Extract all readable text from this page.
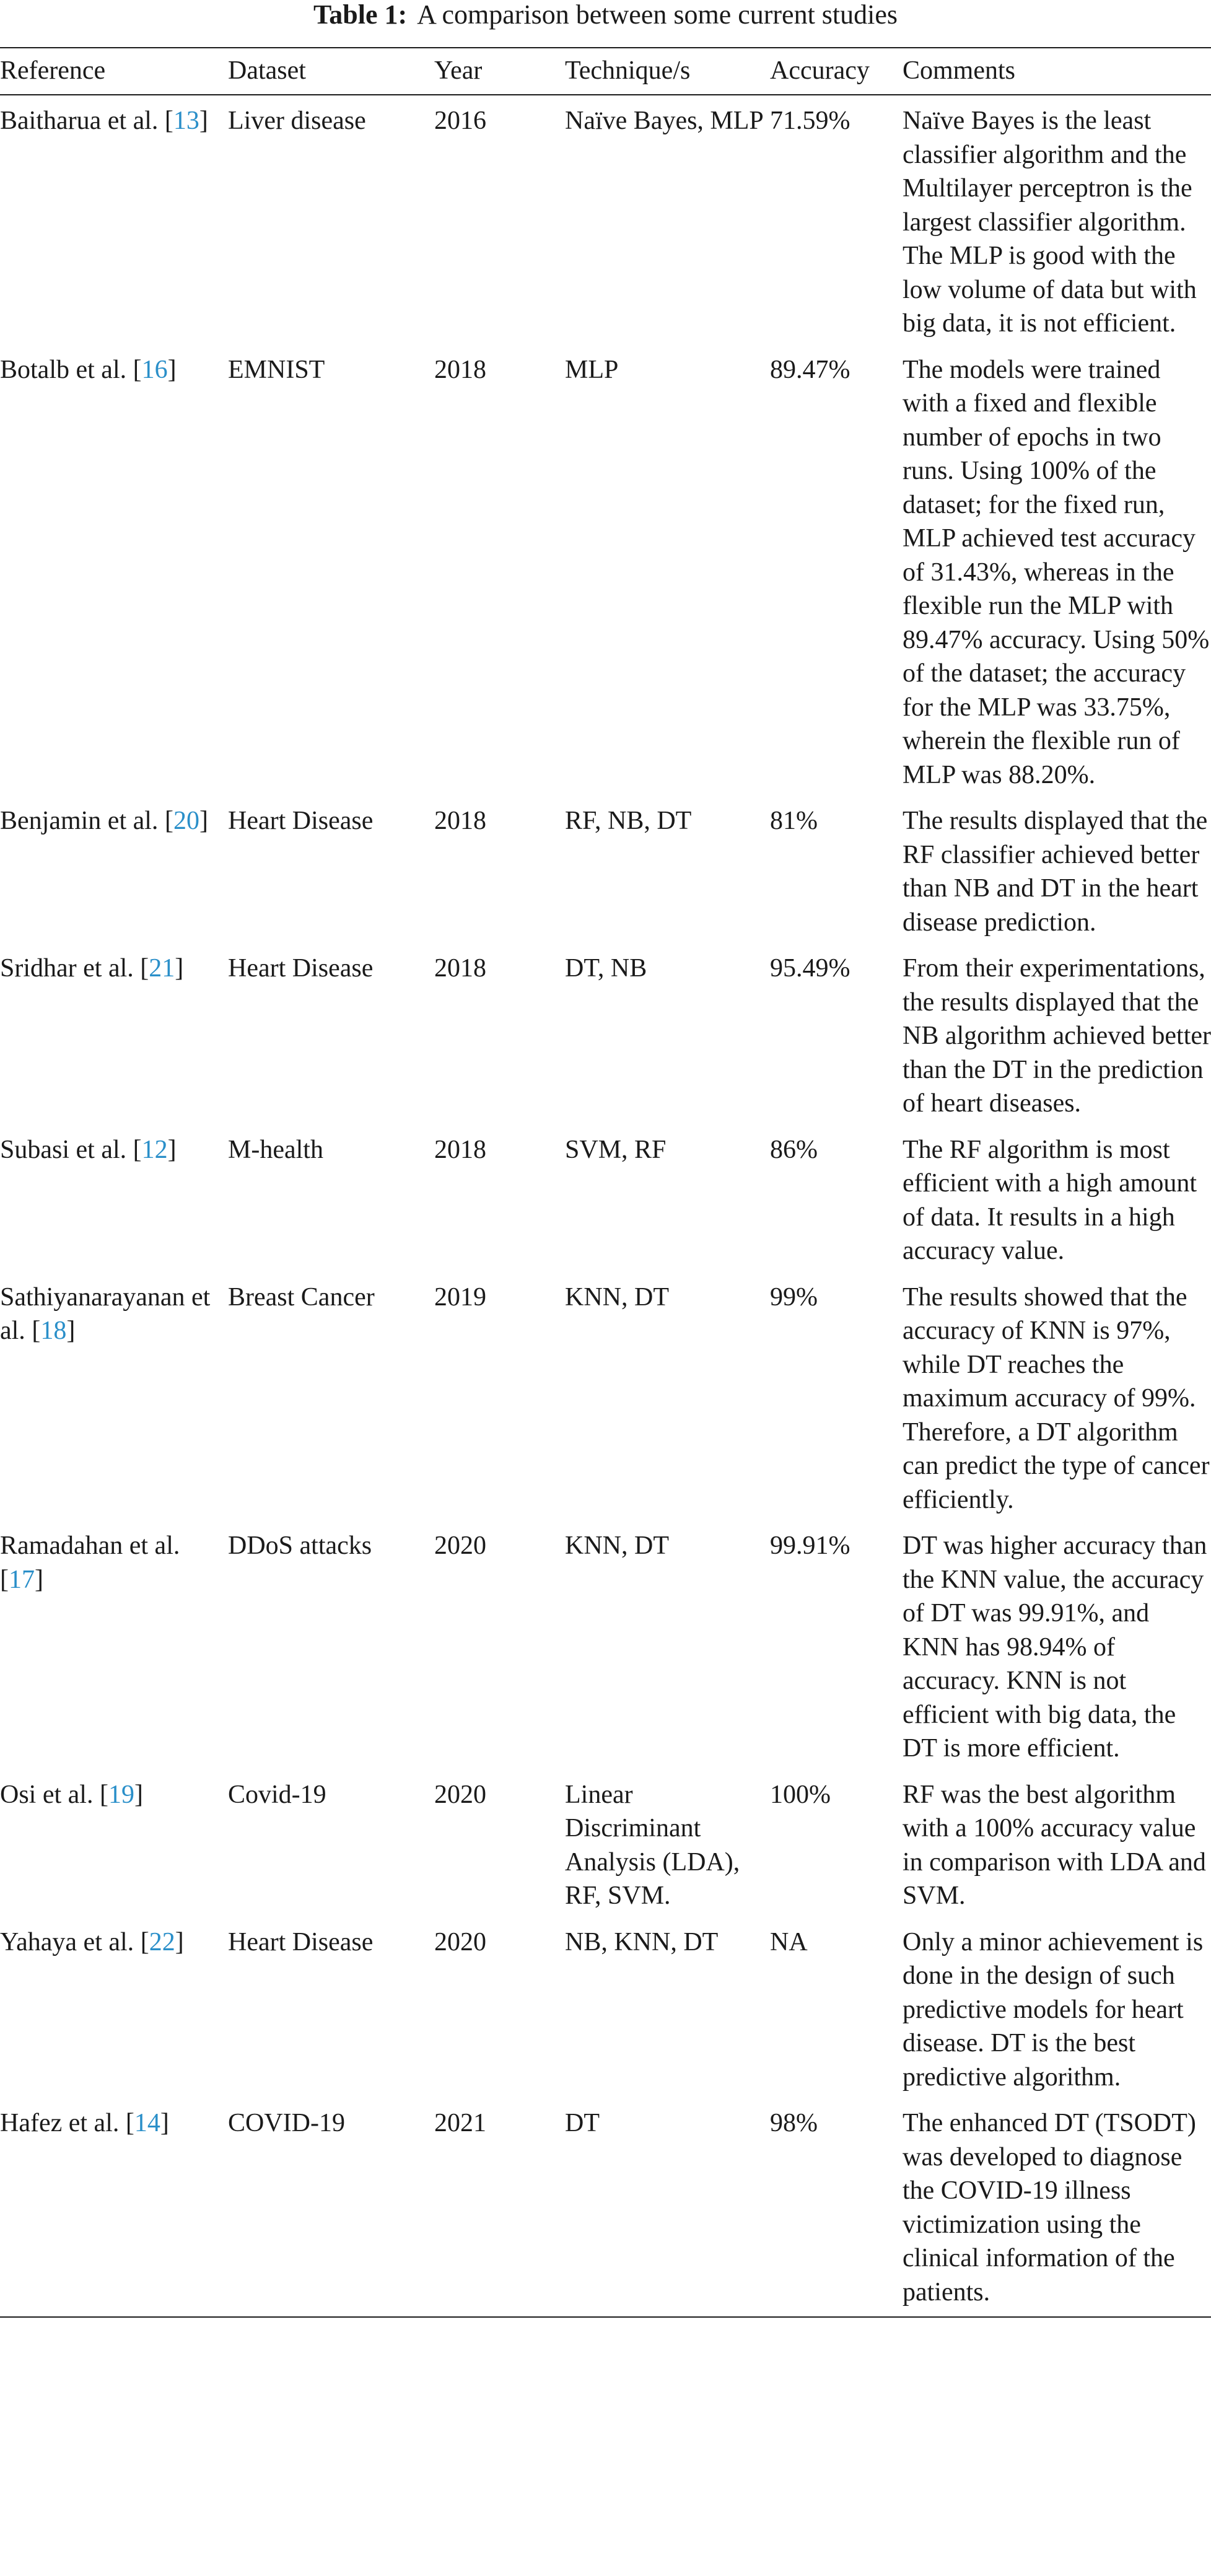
Table 1: A comparison between some current studies
Reference	Dataset	Year	Technique/s	Accuracy	Comments
Baitharua et al. [13]	Liver disease	2016	Naïve Bayes, MLP	71.59%	Naïve Bayes is the least classifier algorithm and the Multilayer perceptron is the largest classifier algorithm. The MLP is good with the low volume of data but with big data, it is not efficient.
Botalb et al. [16]	EMNIST	2018	MLP	89.47%	The models were trained with a fixed and flexible number of epochs in two runs. Using 100% of the dataset; for the fixed run, MLP achieved test accuracy of 31.43%, whereas in the flexible run the MLP with 89.47% accuracy. Using 50% of the dataset; the accuracy for the MLP was 33.75%, wherein the flexible run of MLP was 88.20%.
Benjamin et al. [20]	Heart Disease	2018	RF, NB, DT	81%	The results displayed that the RF classifier achieved better than NB and DT in the heart disease prediction.
Sridhar et al. [21]	Heart Disease	2018	DT, NB	95.49%	From their experimentations, the results displayed that the NB algorithm achieved better than the DT in the prediction of heart diseases.
Subasi et al. [12]	M-health	2018	SVM, RF	86%	The RF algorithm is most efficient with a high amount of data. It results in a high accuracy value.
Sathiyanarayanan et al. [18]	Breast Cancer	2019	KNN, DT	99%	The results showed that the accuracy of KNN is 97%, while DT reaches the maximum accuracy of 99%. Therefore, a DT algorithm can predict the type of cancer efficiently.
Ramadahan et al. [17]	DDoS attacks	2020	KNN, DT	99.91%	DT was higher accuracy than the KNN value, the accuracy of DT was 99.91%, and KNN has 98.94% of accuracy. KNN is not efficient with big data, the DT is more efficient.
Osi et al. [19]	Covid-19	2020	Linear Discriminant Analysis (LDA), RF, SVM.	100%	RF was the best algorithm with a 100% accuracy value in comparison with LDA and SVM.
Yahaya et al. [22]	Heart Disease	2020	NB, KNN, DT	NA	Only a minor achievement is done in the design of such predictive models for heart disease. DT is the best predictive algorithm.
Hafez et al. [14]	COVID-19	2021	DT	98%	The enhanced DT (TSODT) was developed to diagnose the COVID-19 illness victimization using the clinical information of the patients.
